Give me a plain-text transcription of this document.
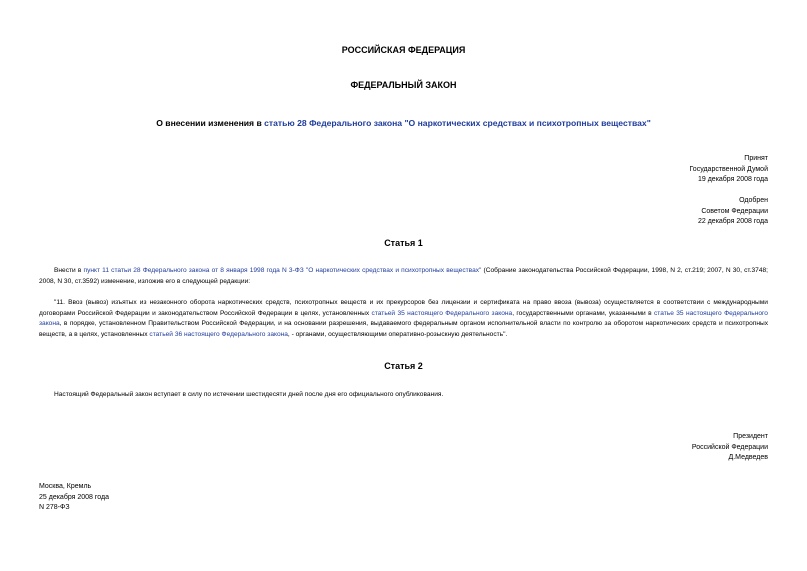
РОССИЙСКАЯ ФЕДЕРАЦИЯ
ФЕДЕРАЛЬНЫЙ ЗАКОН
О внесении изменения в статью 28 Федерального закона "О наркотических средствах и психотропных веществах"
Принят
Государственной Думой
19 декабря 2008 года
Одобрен
Советом Федерации
22 декабря 2008 года
Статья 1
Внести в пункт 11 статьи 28 Федерального закона от 8 января 1998 года N 3-ФЗ "О наркотических средствах и психотропных веществах" (Собрание законодательства Российской Федерации, 1998, N 2, ст.219; 2007, N 30, ст.3748; 2008, N 30, ст.3592) изменение, изложив его в следующей редакции:
"11. Ввоз (вывоз) изъятых из незаконного оборота наркотических средств, психотропных веществ и их прекурсоров без лицензии и сертификата на право ввоза (вывоза) осуществляется в соответствии с международными договорами Российской Федерации и законодательством Российской Федерации в целях, установленных статьей 35 настоящего Федерального закона, государственными органами, указанными в статье 35 настоящего Федерального закона, в порядке, установленном Правительством Российской Федерации, и на основании разрешения, выдаваемого федеральным органом исполнительной власти по контролю за оборотом наркотических средств и психотропных веществ, а в целях, установленных статьей 36 настоящего Федерального закона, - органами, осуществляющими оперативно-розыскную деятельность".
Статья 2
Настоящий Федеральный закон вступает в силу по истечении шестидесяти дней после дня его официального опубликования.
Президент
Российской Федерации
Д.Медведев
Москва, Кремль
25 декабря 2008 года
N 278-ФЗ
